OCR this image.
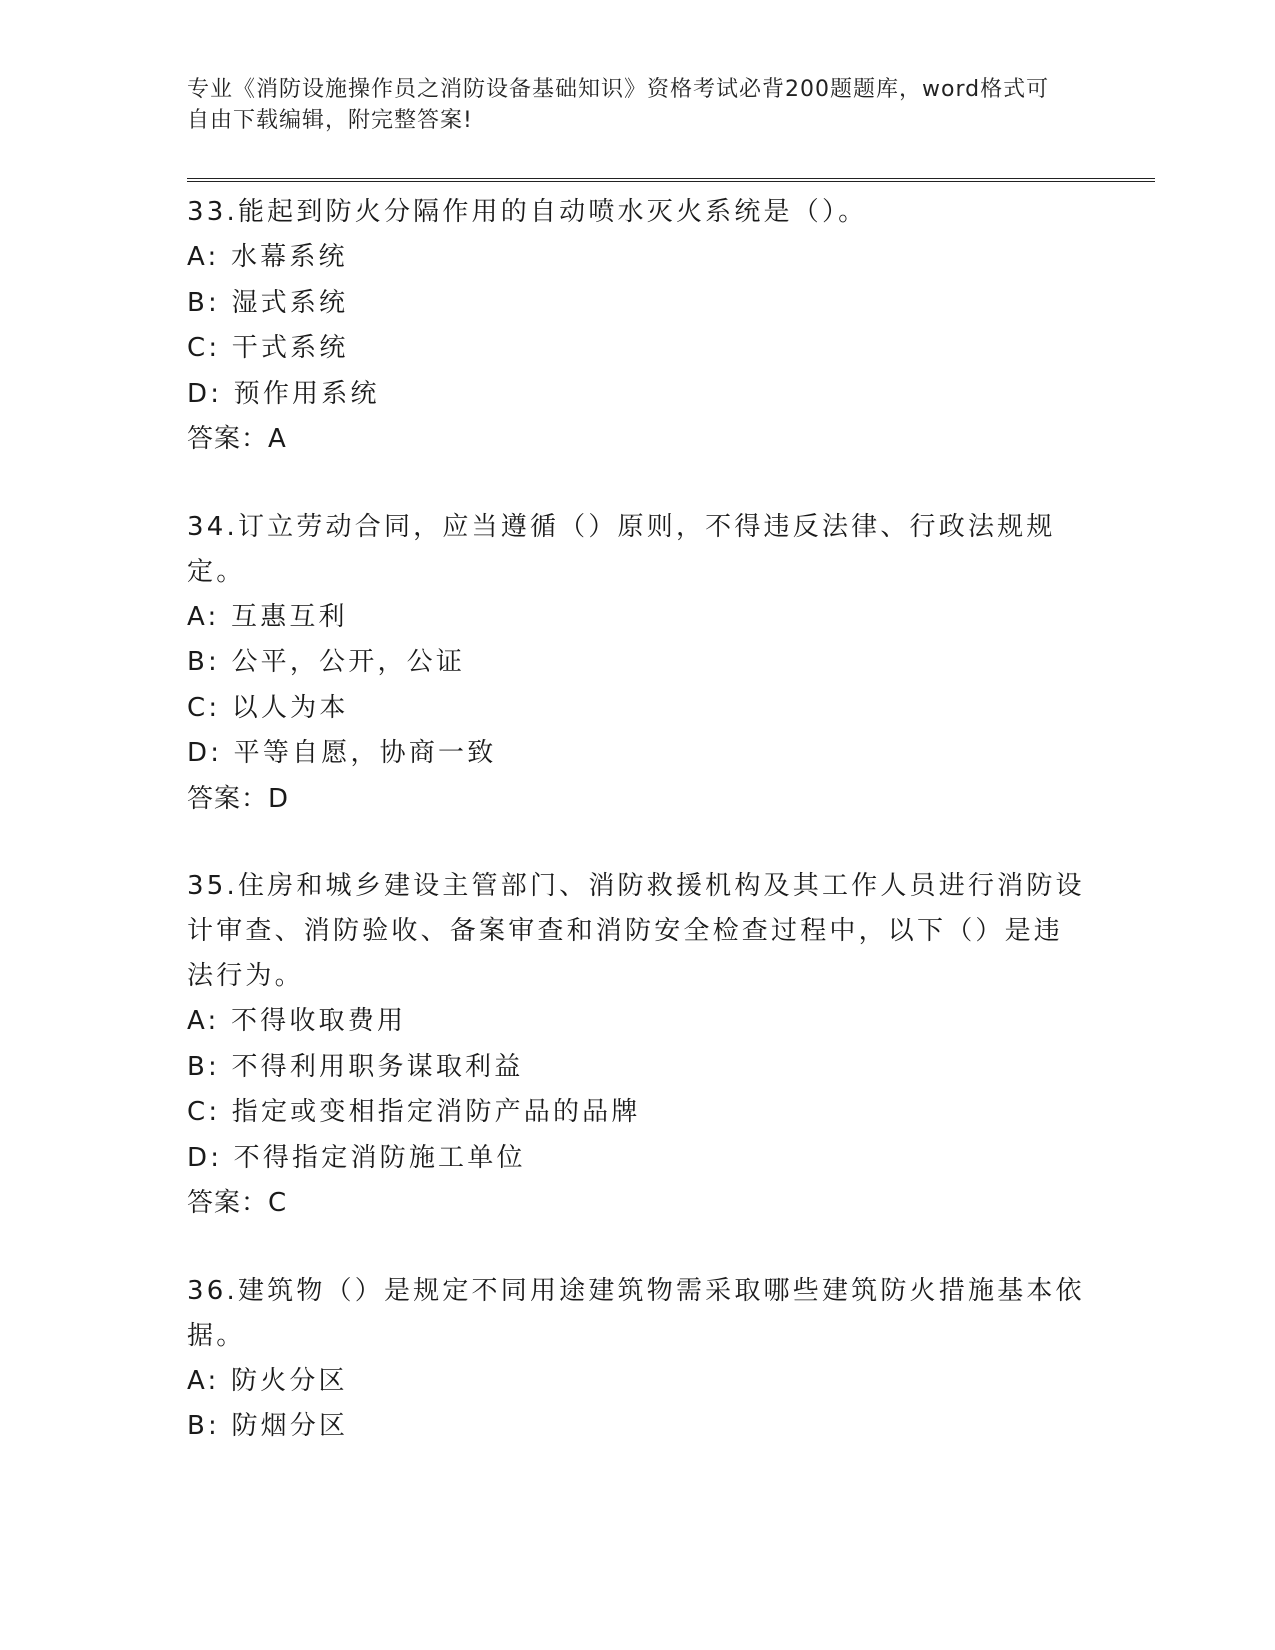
专业《消防设施操作员之消防设备基础知识》资格考试必背200题题库，word格式可自由下载编辑，附完整答案!
33.能起到防火分隔作用的自动喷水灭火系统是（）。
A: 水幕系统
B: 湿式系统
C: 干式系统
D: 预作用系统
答案：A
34.订立劳动合同，应当遵循（）原则，不得违反法律、行政法规规定。
A: 互惠互利
B: 公平，公开，公证
C: 以人为本
D: 平等自愿，协商一致
答案：D
35.住房和城乡建设主管部门、消防救援机构及其工作人员进行消防设计审查、消防验收、备案审查和消防安全检查过程中，以下（）是违法行为。
A: 不得收取费用
B: 不得利用职务谋取利益
C: 指定或变相指定消防产品的品牌
D: 不得指定消防施工单位
答案：C
36.建筑物（）是规定不同用途建筑物需采取哪些建筑防火措施基本依据。
A: 防火分区
B: 防烟分区
